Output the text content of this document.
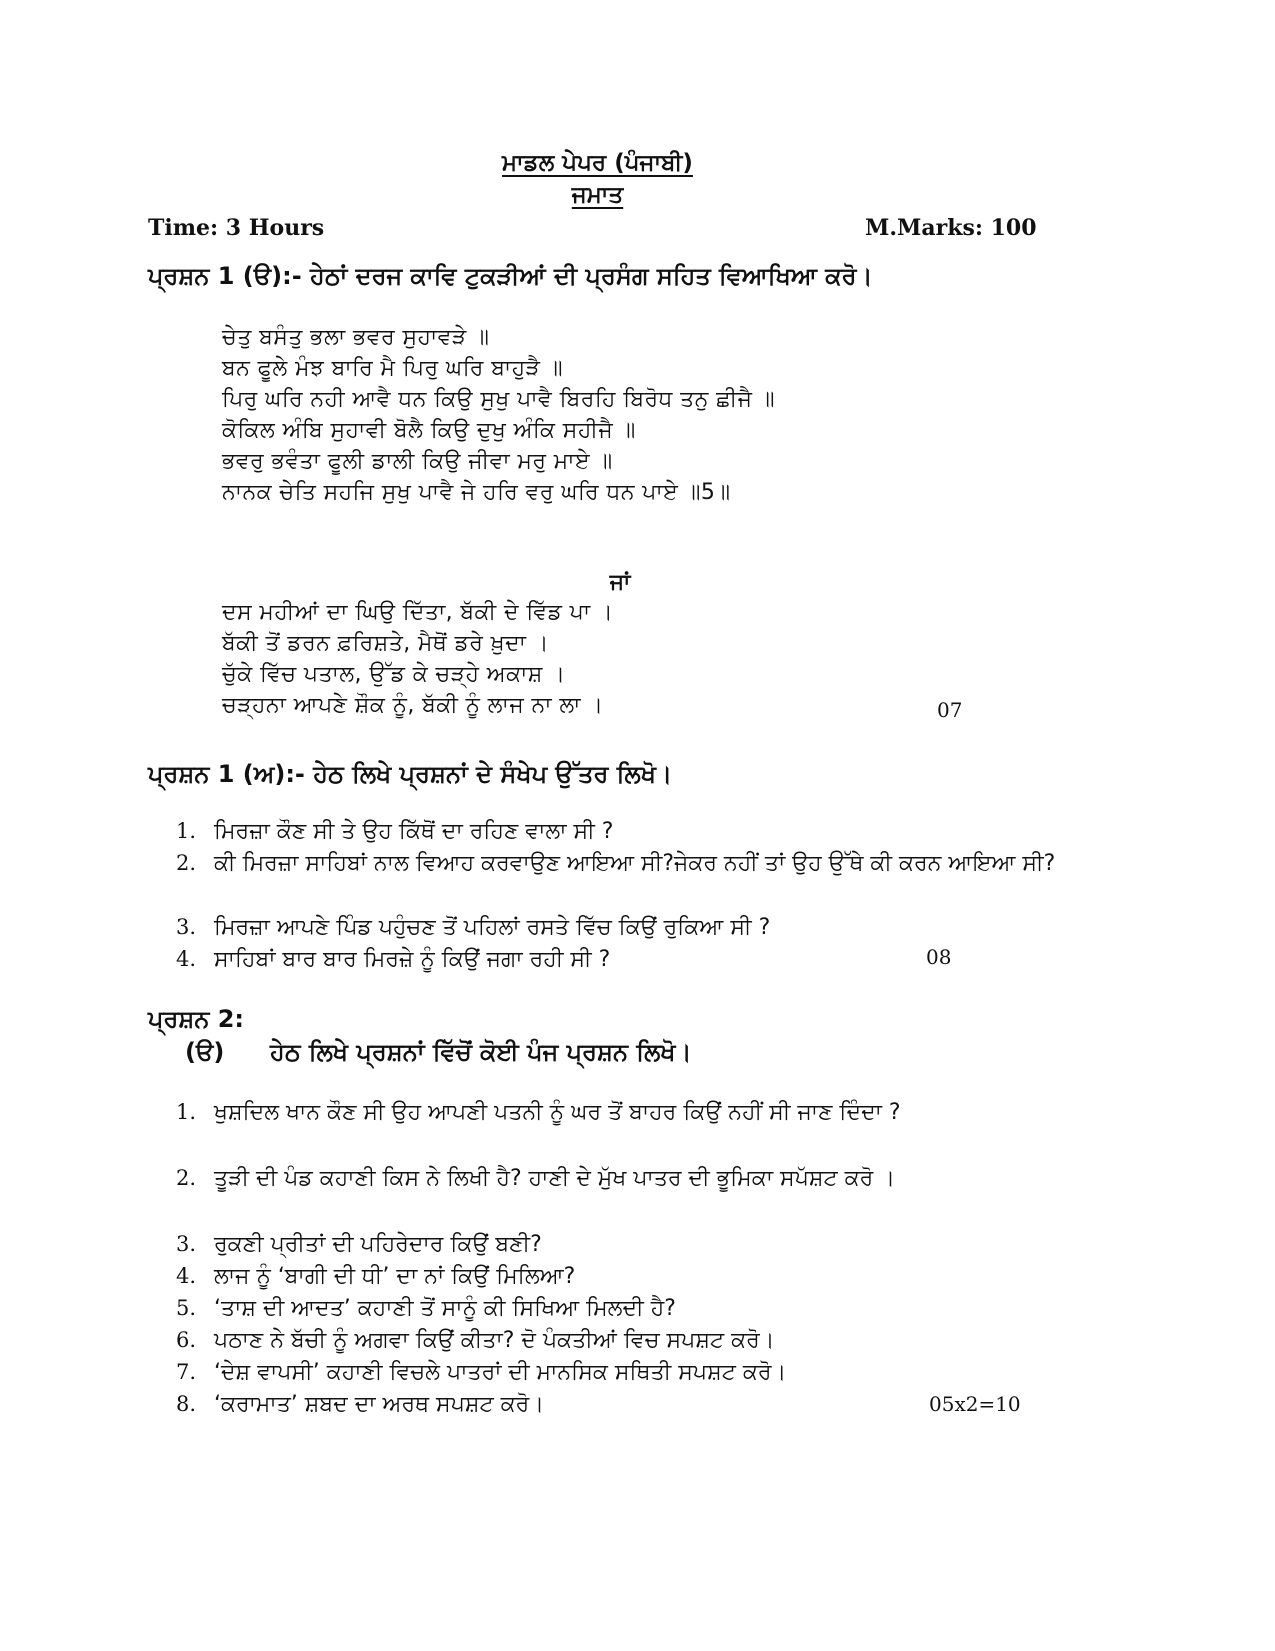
ਮਾਡਲ ਪੇਪਰ (ਪੰਜਾਬੀ)
ਜਮਾਤ
Time: 3 Hours	M.Marks: 100
ਪ੍ਰਸ਼ਨ 1 (ੳ):- ਹੇਠਾਂ ਦਰਜ ਕਾਵਿ ਟੁਕੜੀਆਂ ਦੀ ਪ੍ਰਸੰਗ ਸਹਿਤ ਵਿਆਖਿਆ ਕਰੋ।
ਚੇਤੁ ਬਸੰਤੁ ਭਲਾ ਭਵਰ ਸੁਹਾਵੜੇ ॥
ਬਨ ਫੂਲੇ ਮੰਝ ਬਾਰਿ ਮੈ ਪਿਰੁ ਘਰਿ ਬਾਹੁੜੈ ॥
ਪਿਰੁ ਘਰਿ ਨਹੀ ਆਵੈ ਧਨ ਕਿਉ ਸੁਖੁ ਪਾਵੈ ਬਿਰਹਿ ਬਿਰੋਧ ਤਨੁ ਛੀਜੈ ॥
ਕੋਕਿਲ ਅੰਬਿ ਸੁਹਾਵੀ ਬੋਲੈ ਕਿਉ ਦੁਖੁ ਅੰਕਿ ਸਹੀਜੈ ॥
ਭਵਰੁ ਭਵੰਤਾ ਫੂਲੀ ਡਾਲੀ ਕਿਉ ਜੀਵਾ ਮਰੁ ਮਾਏ ॥
ਨਾਨਕ ਚੇਤਿ ਸਹਜਿ ਸੁਖੁ ਪਾਵੈ ਜੇ ਹਰਿ ਵਰੁ ਘਰਿ ਧਨ ਪਾਏ ॥5॥
ਜਾਂ
ਦਸ ਮਹੀਆਂ ਦਾ ਘਿਉ ਦਿੱਤਾ, ਬੱਕੀ ਦੇ ਵਿੱਡ ਪਾ ।
ਬੱਕੀ ਤੋਂ ਡਰਨ ਫ਼ਰਿਸ਼ਤੇ, ਮੈਥੋਂ ਡਰੇ ਖ਼ੁਦਾ ।
ਚੁੱਕੇ ਵਿੱਚ ਪਤਾਲ, ਉੱਡ ਕੇ ਚੜ੍ਹੇ ਅਕਾਸ਼ ।
ਚੜ੍ਹਨਾ ਆਪਣੇ ਸ਼ੌਕ ਨੂੰ, ਬੱਕੀ ਨੂੰ ਲਾਜ ਨਾ ਲਾ ।	07
ਪ੍ਰਸ਼ਨ 1 (ਅ):- ਹੇਠ ਲਿਖੇ ਪ੍ਰਸ਼ਨਾਂ ਦੇ ਸੰਖੇਪ ਉੱਤਰ ਲਿਖੋ।
1. ਮਿਰਜ਼ਾ ਕੌਣ ਸੀ ਤੇ ਉਹ ਕਿੱਥੋਂ ਦਾ ਰਹਿਣ ਵਾਲਾ ਸੀ ?
2. ਕੀ ਮਿਰਜ਼ਾ ਸਾਹਿਬਾਂ ਨਾਲ ਵਿਆਹ ਕਰਵਾਉਣ ਆਇਆ ਸੀ?ਜੇਕਰ ਨਹੀਂ ਤਾਂ ਉਹ ਉੱਥੇ ਕੀ ਕਰਨ ਆਇਆ ਸੀ?
3. ਮਿਰਜ਼ਾ ਆਪਣੇ ਪਿੰਡ ਪਹੁੰਚਣ ਤੋਂ ਪਹਿਲਾਂ ਰਸਤੇ ਵਿੱਚ ਕਿਉਂ ਰੁਕਿਆ ਸੀ ?
4. ਸਾਹਿਬਾਂ ਬਾਰ ਬਾਰ ਮਿਰਜ਼ੇ ਨੂੰ ਕਿਉਂ ਜਗਾ ਰਹੀ ਸੀ ?	08
ਪ੍ਰਸ਼ਨ 2:
(ੳ) ਹੇਠ ਲਿਖੇ ਪ੍ਰਸ਼ਨਾਂ ਵਿੱਚੋਂ ਕੋਈ ਪੰਜ ਪ੍ਰਸ਼ਨ ਲਿਖੋ।
1. ਖੁਸ਼ਦਿਲ ਖਾਨ ਕੌਣ ਸੀ ਉਹ ਆਪਣੀ ਪਤਨੀ ਨੂੰ ਘਰ ਤੋਂ ਬਾਹਰ ਕਿਉਂ ਨਹੀਂ ਸੀ ਜਾਣ ਦਿੰਦਾ ?
2. ਤੂੜੀ ਦੀ ਪੰਡ ਕਹਾਣੀ ਕਿਸ ਨੇ ਲਿਖੀ ਹੈ? ਹਾਣੀ ਦੇ ਮੁੱਖ ਪਾਤਰ ਦੀ ਭੂਮਿਕਾ ਸਪੱਸ਼ਟ ਕਰੋ ।
3. ਰੁਕਣੀ ਪ੍ਰੀਤਾਂ ਦੀ ਪਹਿਰੇਦਾਰ ਕਿਉਂ ਬਣੀ?
4. ਲਾਜ ਨੂੰ ‘ਬਾਗੀ ਦੀ ਧੀ’ ਦਾ ਨਾਂ ਕਿਉਂ ਮਿਲਿਆ?
5. ‘ਤਾਸ਼ ਦੀ ਆਦਤ’ ਕਹਾਣੀ ਤੋਂ ਸਾਨੂੰ ਕੀ ਸਿਖਿਆ ਮਿਲਦੀ ਹੈ?
6. ਪਠਾਣ ਨੇ ਬੱਚੀ ਨੂੰ ਅਗਵਾ ਕਿਉਂ ਕੀਤਾ? ਦੋ ਪੰਕਤੀਆਂ ਵਿਚ ਸਪਸ਼ਟ ਕਰੋ।
7. ‘ਦੇਸ਼ ਵਾਪਸੀ’ ਕਹਾਣੀ ਵਿਚਲੇ ਪਾਤਰਾਂ ਦੀ ਮਾਨਸਿਕ ਸਥਿਤੀ ਸਪਸ਼ਟ ਕਰੋ।
8. ‘ਕਰਾਮਾਤ’ ਸ਼ਬਦ ਦਾ ਅਰਥ ਸਪਸ਼ਟ ਕਰੋ।	05x2=10
